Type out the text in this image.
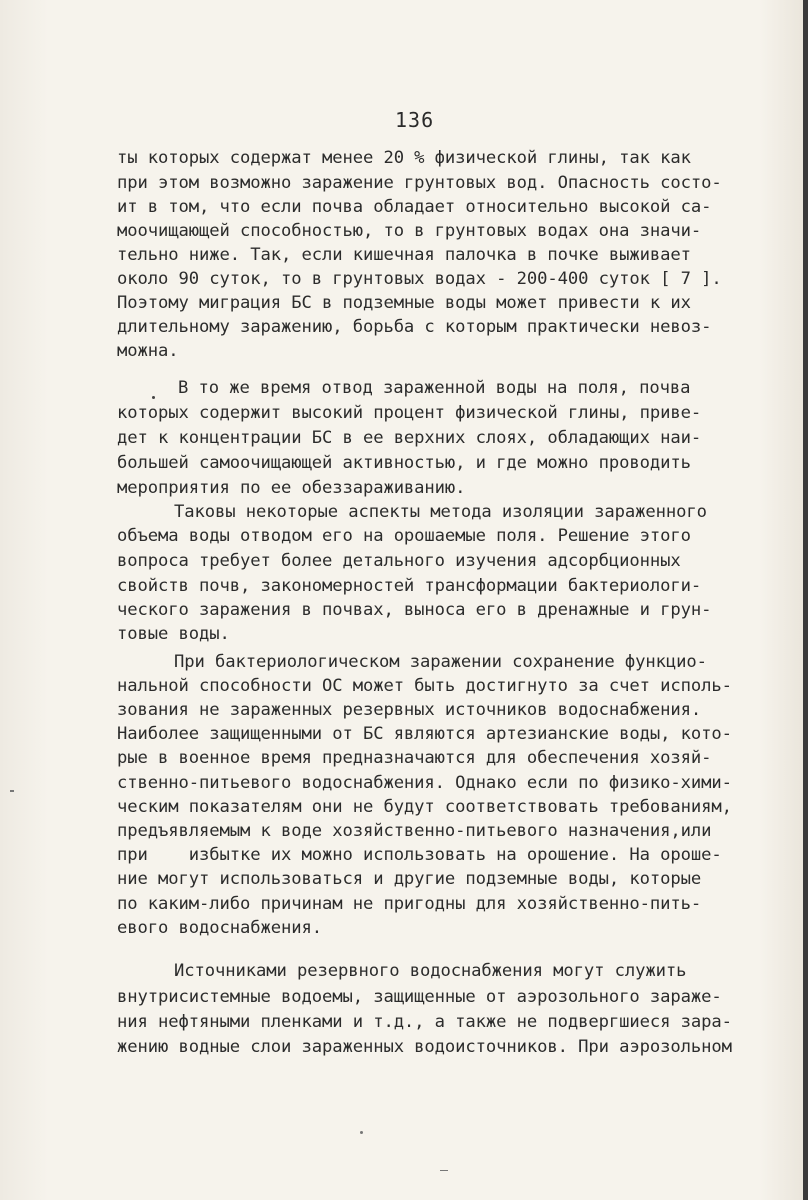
136
ты которых содержат менее 20 % физической глины, так как
при этом возможно заражение грунтовых вод. Опасность состо-
ит в том, что если почва обладает относительно высокой са-
моочищающей способностью, то в грунтовых водах она значи-
тельно ниже. Так, если кишечная палочка в почке выживает
около 90 суток, то в грунтовых водах - 200-400 суток [ 7 ].
Поэтому миграция БС в подземные воды может привести к их
длительному заражению, борьба с которым практически невоз-
можна.
В то же время отвод зараженной воды на поля, почва
которых содержит высокий процент физической глины, приве-
дет к концентрации БС в ее верхних слоях, обладающих наи-
большей самоочищающей активностью, и где можно проводить
мероприятия по ее обеззараживанию.
Таковы некоторые аспекты метода изоляции зараженного
объема воды отводом его на орошаемые поля. Решение этого
вопроса требует более детального изучения адсорбционных
свойств почв, закономерностей трансформации бактериологи-
ческого заражения в почвах, выноса его в дренажные и грун-
товые воды.
При бактериологическом заражении сохранение функцио-
нальной способности ОС может быть достигнуто за счет исполь-
зования не зараженных резервных источников водоснабжения.
Наиболее защищенными от БС являются артезианские воды, кото-
рые в военное время предназначаются для обеспечения хозяй-
ственно-питьевого водоснабжения. Однако если по физико-хими-
ческим показателям они не будут соответствовать требованиям,
предъявляемым к воде хозяйственно-питьевого назначения,или
при    избытке их можно использовать на орошение. На ороше-
ние могут использоваться и другие подземные воды, которые
по каким-либо причинам не пригодны для хозяйственно-пить-
евого водоснабжения.
Источниками резервного водоснабжения могут служить
внутрисистемные водоемы, защищенные от аэрозольного зараже-
ния нефтяными пленками и т.д., а также не подвергшиеся зара-
жению водные слои зараженных водоисточников. При аэрозольном
